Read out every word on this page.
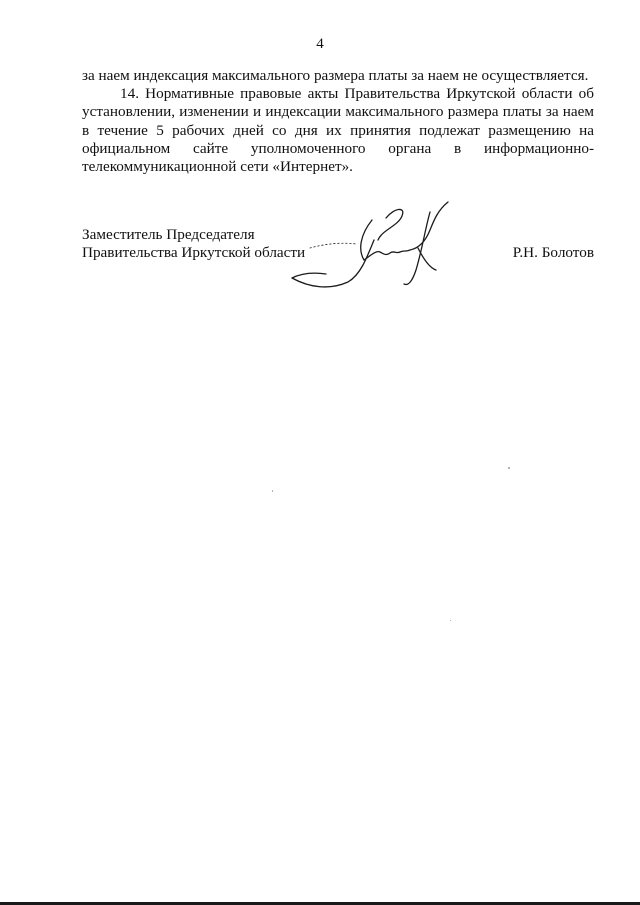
4

за наем индексация максимального размера платы за наем не осуществляется.

14. Нормативные правовые акты Правительства Иркутской области об установлении, изменении и индексации максимального размера платы за наем в течение 5 рабочих дней со дня их принятия подлежат размещению на официальном сайте уполномоченного органа в информационно-телекоммуникационной сети «Интернет».

Заместитель Председателя
Правительства Иркутской области	Р.Н. Болотов
